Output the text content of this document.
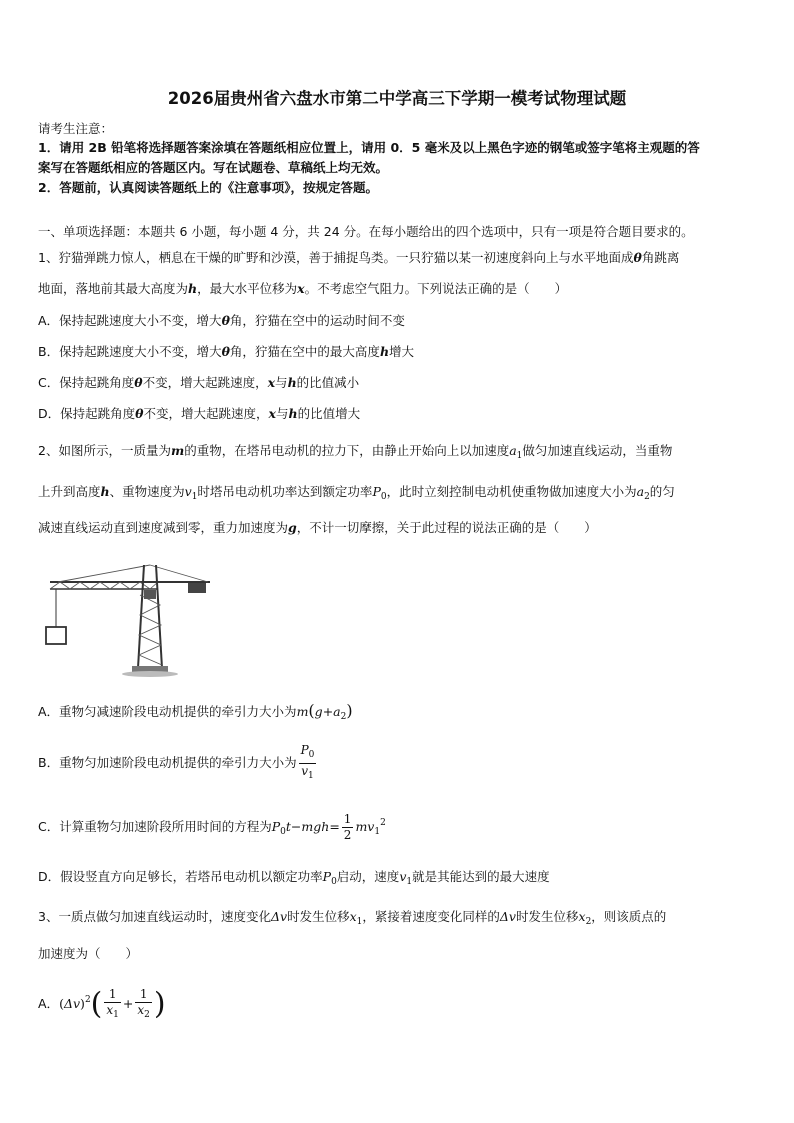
2026届贵州省六盘水市第二中学高三下学期一模考试物理试题
请考生注意：
1．请用 2B 铅笔将选择题答案涂填在答题纸相应位置上，请用 0．5 毫米及以上黑色字迹的钢笔或签字笔将主观题的答
案写在答题纸相应的答题区内。写在试题卷、草稿纸上均无效。
2．答题前，认真阅读答题纸上的《注意事项》，按规定答题。
一、单项选择题：本题共 6 小题，每小题 4 分，共 24 分。在每小题给出的四个选项中，只有一项是符合题目要求的。
1、狞猫弹跳力惊人，栖息在干燥的旷野和沙漠，善于捕捉鸟类。一只狞猫以某一初速度斜向上与水平地面成θ角跳离
地面，落地前其最大高度为h，最大水平位移为x。不考虑空气阻力。下列说法正确的是（　　）
A．保持起跳速度大小不变，增大θ角，狞猫在空中的运动时间不变
B．保持起跳速度大小不变，增大θ角，狞猫在空中的最大高度h增大
C．保持起跳角度θ不变，增大起跳速度，x与h的比值减小
D．保持起跳角度θ不变，增大起跳速度，x与h的比值增大
2、如图所示，一质量为m的重物，在塔吊电动机的拉力下，由静止开始向上以加速度$a_1$做匀加速直线运动，当重物
上升到高度h、重物速度为$v_1$时塔吊电动机功率达到额定功率$P_0$，此时立刻控制电动机使重物做加速度大小为$a_2$的匀
减速直线运动直到速度减到零，重力加速度为g，不计一切摩擦，关于此过程的说法正确的是（　　）
A．重物匀减速阶段电动机提供的牵引力大小为$m(g+a_2)$
B．重物匀加速阶段电动机提供的牵引力大小为 $\frac{P_0}{v_1}$
C．计算重物匀加速阶段所用时间的方程为$P_0t-mgh= \frac{1}{2} mv_1^2$
D．假设竖直方向足够长，若塔吊电动机以额定功率$P_0$启动，速度$v_1$就是其能达到的最大速度
3、一质点做匀加速直线运动时，速度变化Δv时发生位移$x_1$，紧接着速度变化同样的Δv时发生位移$x_2$，则该质点的
加速度为（　　）
A．$(\Delta v)^2( \frac{1}{x_1} + \frac{1}{x_2}$ )
